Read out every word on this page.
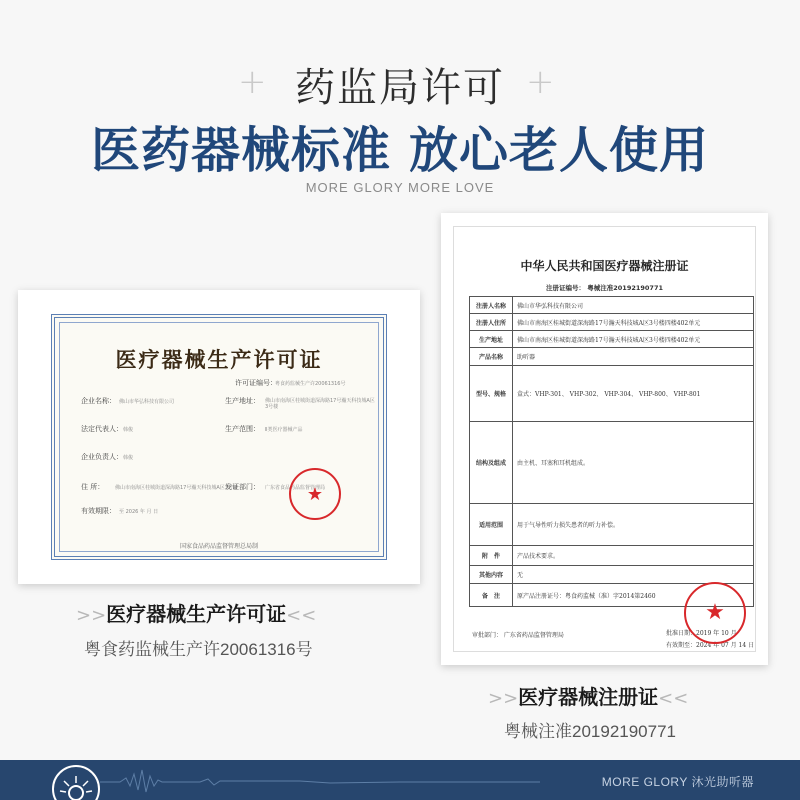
+ 药监局许可 +
医药器械标准 放心老人使用
MORE GLORY MORE LOVE
医疗器械生产许可证
许可证编号：
粤食药监械生产许20061316号
企业名称： 佛山市华弘科技有限公司	生产地址： 佛山市南海区桂城街道深海路17号瀚天科技城A区3号楼
法定代表人： 韩俊	生产范围： Ⅱ类医疗器械产品
企业负责人： 韩俊
住 所： 佛山市南海区桂城街道深海路17号瀚天科技城A区3号楼
发证部门： 广东省食品药品监督管理局
有效期限： 至 2026 年 月 日
★
国家食品药品监督管理总局制
中华人民共和国医疗器械注册证
注册证编号： 粤械注准20192190771
注册人名称	佛山市华弘科技有限公司
注册人住所	佛山市南海区桂城街道深海路17号瀚天科技城A区3号楼四楼402单元
生产地址	佛山市南海区桂城街道深海路17号瀚天科技城A区3号楼四楼402单元
产品名称	助听器
型号、规格	盒式：VHP-301、 VHP-302、 VHP-304、 VHP-800、 VHP-801
结构及组成	由主机、耳塞和耳机组成。
适用范围	用于气导性听力损失患者的听力补偿。
附　件	产品技术要求。
其他内容	无
备　注	原产品注册证号：粤食药监械（准）字2014第2460
审批部门： 广东省药品监督管理局	批准日期：2019 年 10 月
有效期至：2024 年 07 月 14 日
★
>>医疗器械生产许可证<<
粤食药监械生产许20061316号
>>医疗器械注册证<<
粤械注准20192190771
MORE GLORY 沐光助听器
